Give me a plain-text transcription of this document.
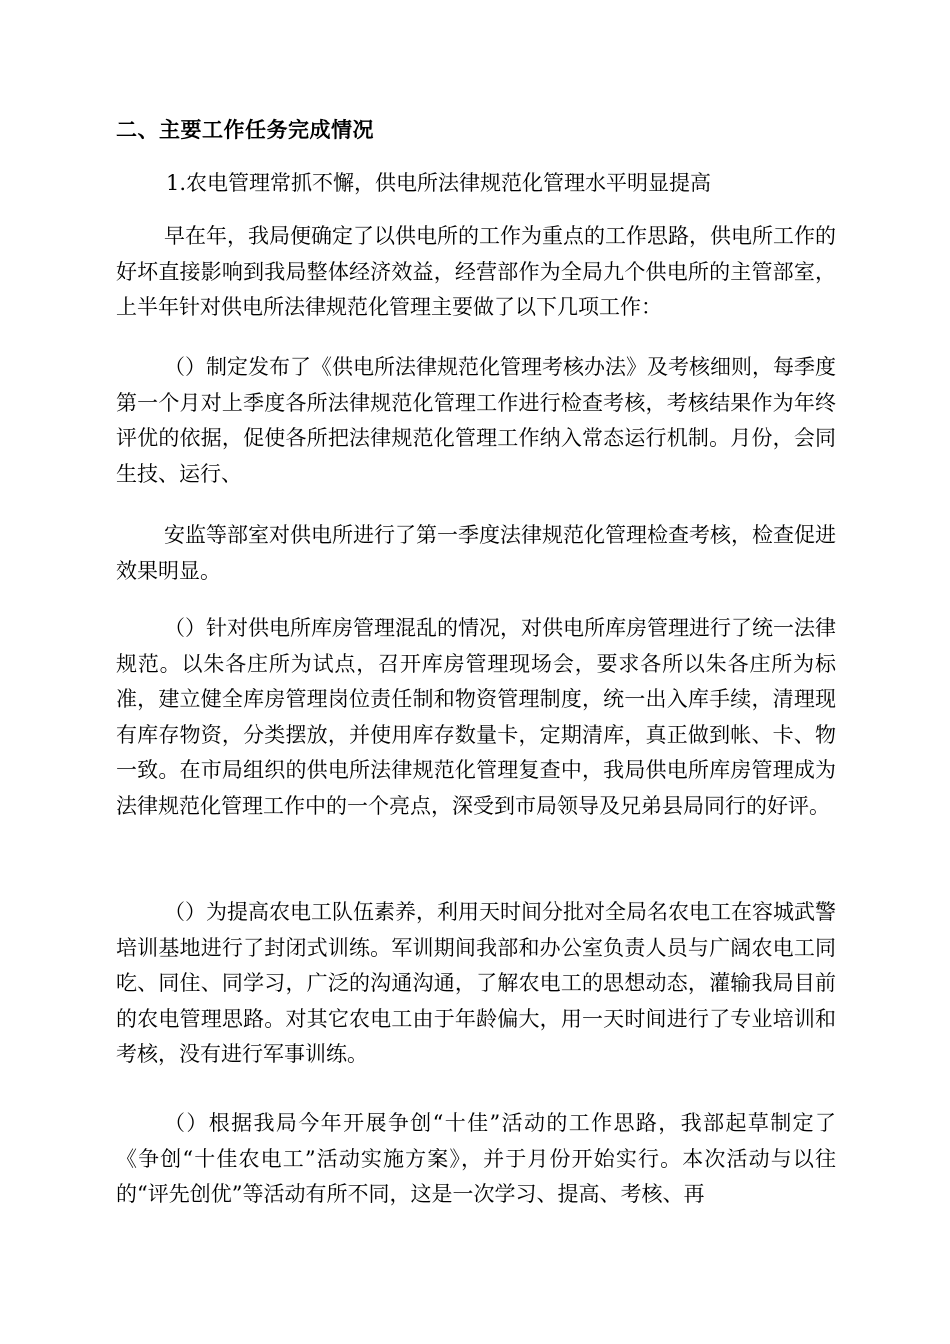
二、主要工作任务完成情况
1.农电管理常抓不懈，供电所法律规范化管理水平明显提高

早在年，我局便确定了以供电所的工作为重点的工作思路，供电所工作的好坏直接影响到我局整体经济效益，经营部作为全局九个供电所的主管部室，上半年针对供电所法律规范化管理主要做了以下几项工作：

（）制定发布了《供电所法律规范化管理考核办法》及考核细则，每季度第一个月对上季度各所法律规范化管理工作进行检查考核，考核结果作为年终评优的依据，促使各所把法律规范化管理工作纳入常态运行机制。月份，会同生技、运行、

安监等部室对供电所进行了第一季度法律规范化管理检查考核，检查促进效果明显。

（）针对供电所库房管理混乱的情况，对供电所库房管理进行了统一法律规范。以朱各庄所为试点，召开库房管理现场会，要求各所以朱各庄所为标准，建立健全库房管理岗位责任制和物资管理制度，统一出入库手续，清理现有库存物资，分类摆放，并使用库存数量卡，定期清库，真正做到帐、卡、物一致。在市局组织的供电所法律规范化管理复查中，我局供电所库房管理成为法律规范化管理工作中的一个亮点，深受到市局领导及兄弟县局同行的好评。

（）为提高农电工队伍素养，利用天时间分批对全局名农电工在容城武警培训基地进行了封闭式训练。军训期间我部和办公室负责人员与广阔农电工同吃、同住、同学习，广泛的沟通沟通，了解农电工的思想动态，灌输我局目前的农电管理思路。对其它农电工由于年龄偏大，用一天时间进行了专业培训和考核，没有进行军事训练。

（）根据我局今年开展争创“十佳”活动的工作思路，我部起草制定了《争创“十佳农电工”活动实施方案》，并于月份开始实行。本次活动与以往的“评先创优”等活动有所不同，这是一次学习、提高、考核、再
